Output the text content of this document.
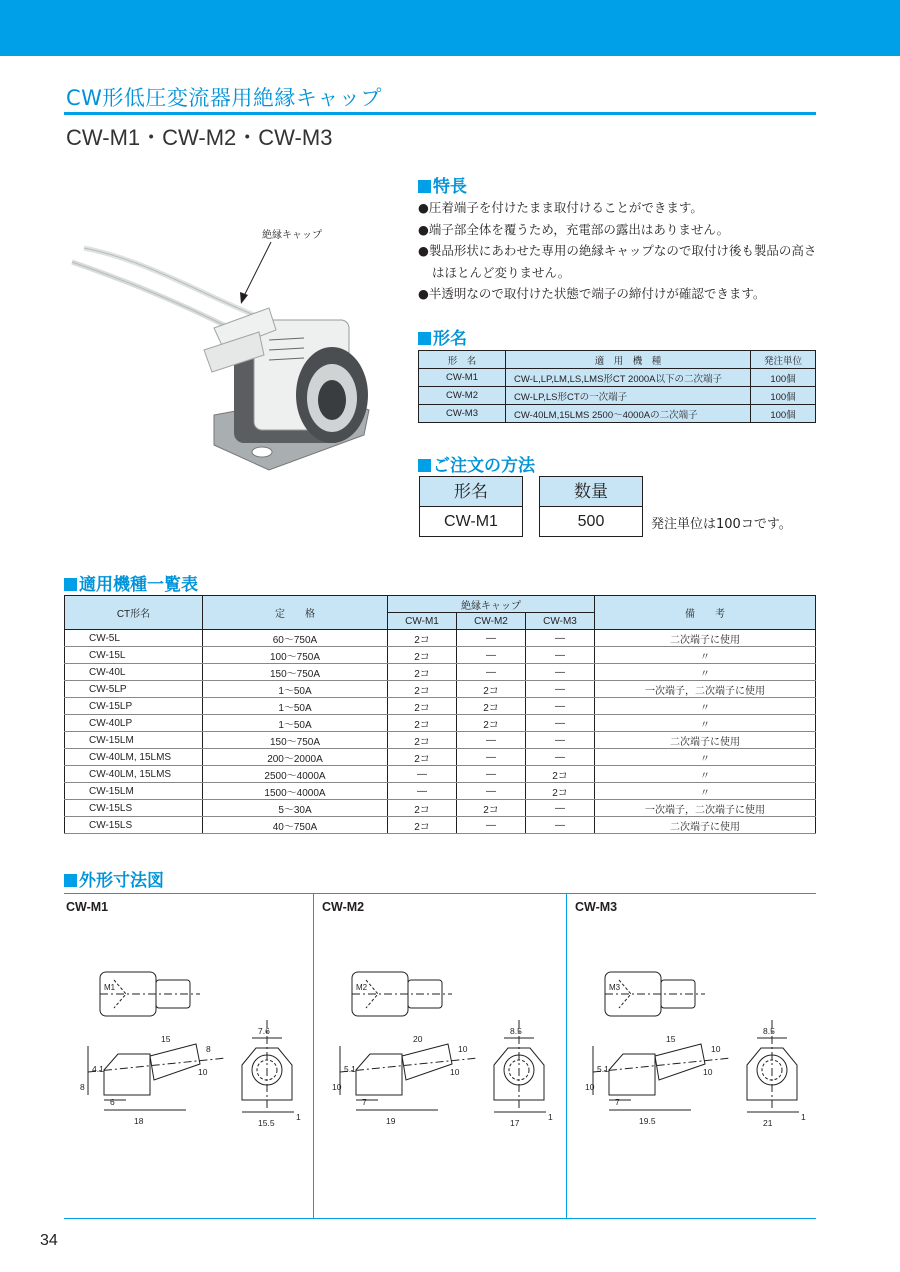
CW形低圧変流器用絶縁キャップ
CW-M1・CW-M2・CW-M3
絶縁キャップ
特長
●圧着端子を付けたまま取付けることができます。
●端子部全体を覆うため，充電部の露出はありません。
●製品形状にあわせた専用の絶縁キャップなので取付け後も製品の高さはほとんど変りません。
●半透明なので取付けた状態で端子の締付けが確認できます。
形名
形　名	適　用　機　種	発注単位
CW-M1	CW-L,LP,LM,LS,LMS形CT 2000A以下の二次端子	100個
CW-M2	CW-LP,LS形CTの一次端子	100個
CW-M3	CW-40LM,15LMS 2500～4000Aの二次端子	100個
ご注文の方法
形名
CW-M1
数量
500	発注単位は100コです。
適用機種一覧表
CT形名	定　　格	絶縁キャップ			備　　考
		CW-M1	CW-M2	CW-M3	
CW-5L	60～750A	2コ	―	―	二次端子に使用
CW-15L	100～750A	2コ	―	―	〃
CW-40L	150～750A	2コ	―	―	〃
CW-5LP	1～50A	2コ	2コ	―	一次端子，二次端子に使用
CW-15LP	1～50A	2コ	2コ	―	〃
CW-40LP	1～50A	2コ	2コ	―	〃
CW-15LM	150～750A	2コ	―	―	二次端子に使用
CW-40LM, 15LMS	200～2000A	2コ	―	―	〃
CW-40LM, 15LMS	2500～4000A	―	―	2コ	〃
CW-15LM	1500～4000A	―	―	2コ	〃
CW-15LS	5～30A	2コ	2コ	―	一次端子，二次端子に使用
CW-15LS	40～750A	2コ	―	―	二次端子に使用
外形寸法図
CW-M1	CW-M2	CW-M3
15
8
10
4.1
8
6
18
7.6
15.5
1
M1
20
10
10
5.1
10
7
19
8.5
17
1
M2
15
10
10
5.1
10
7
19.5
8.5
21
1
M3
34
